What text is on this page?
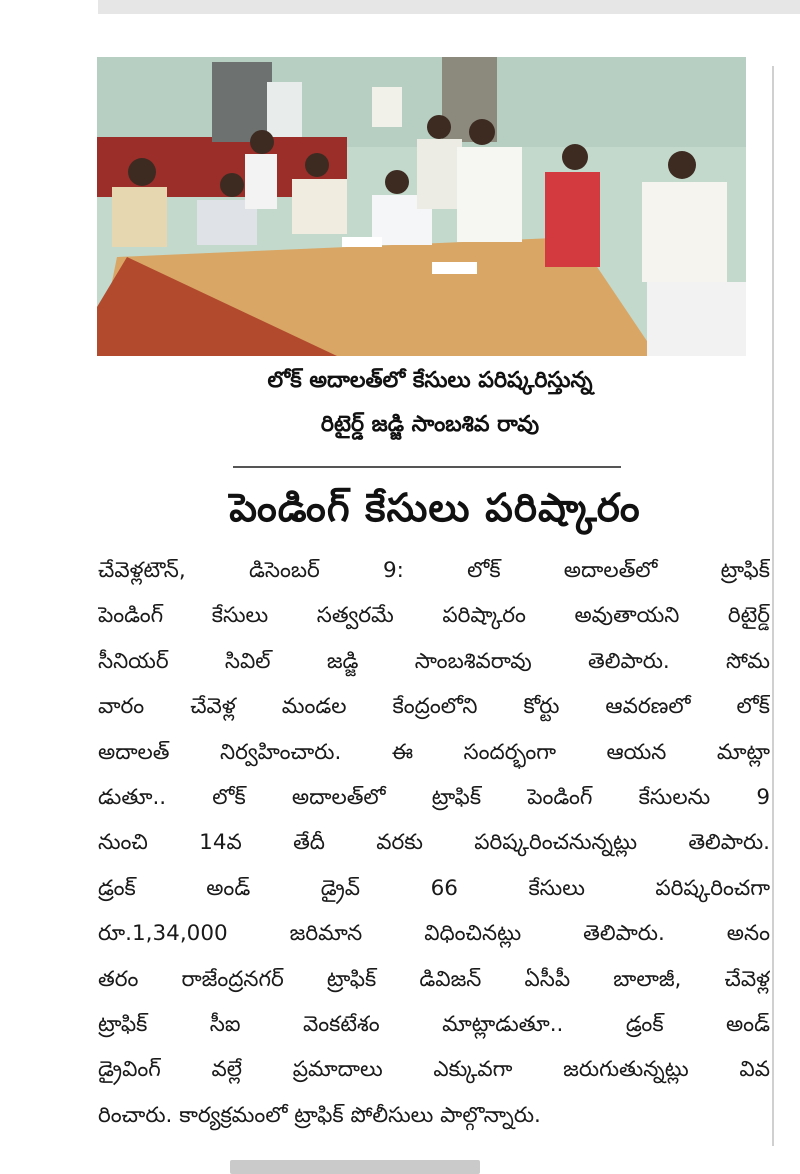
లోక్ అదాలత్‌లో కేసులు పరిష్కరిస్తున్న
రిటైర్డ్ జడ్జి సాంబశివ రావు
పెండింగ్ కేసులు పరిష్కారం
చేవెళ్లటౌన్, డిసెంబర్ 9: లోక్ అదాలత్‌లో ట్రాఫిక్
పెండింగ్ కేసులు సత్వరమే పరిష్కారం అవుతాయని రిటైర్డ్
సీనియర్ సివిల్ జడ్జి సాంబశివరావు తెలిపారు. సోమ
వారం చేవెళ్ల మండల కేంద్రంలోని కోర్టు ఆవరణలో లోక్
అదాలత్ నిర్వహించారు. ఈ సందర్భంగా ఆయన మాట్లా
డుతూ.. లోక్ అదాలత్‌లో ట్రాఫిక్ పెండింగ్ కేసులను 9
నుంచి 14వ తేదీ వరకు పరిష్కరించనున్నట్లు తెలిపారు.
డ్రంక్ అండ్ డ్రైవ్ 66 కేసులు పరిష్కరించగా
రూ.1,34,000 జరిమాన విధించినట్లు తెలిపారు. అనం
తరం రాజేంద్రనగర్ ట్రాఫిక్ డివిజన్ ఏసీపీ బాలాజీ, చేవెళ్ల
ట్రాఫిక్ సీఐ వెంకటేశం మాట్లాడుతూ.. డ్రంక్ అండ్
డ్రైవింగ్ వల్లే ప్రమాదాలు ఎక్కువగా జరుగుతున్నట్లు వివ
రించారు. కార్యక్రమంలో ట్రాఫిక్ పోలీసులు పాల్గొన్నారు.
